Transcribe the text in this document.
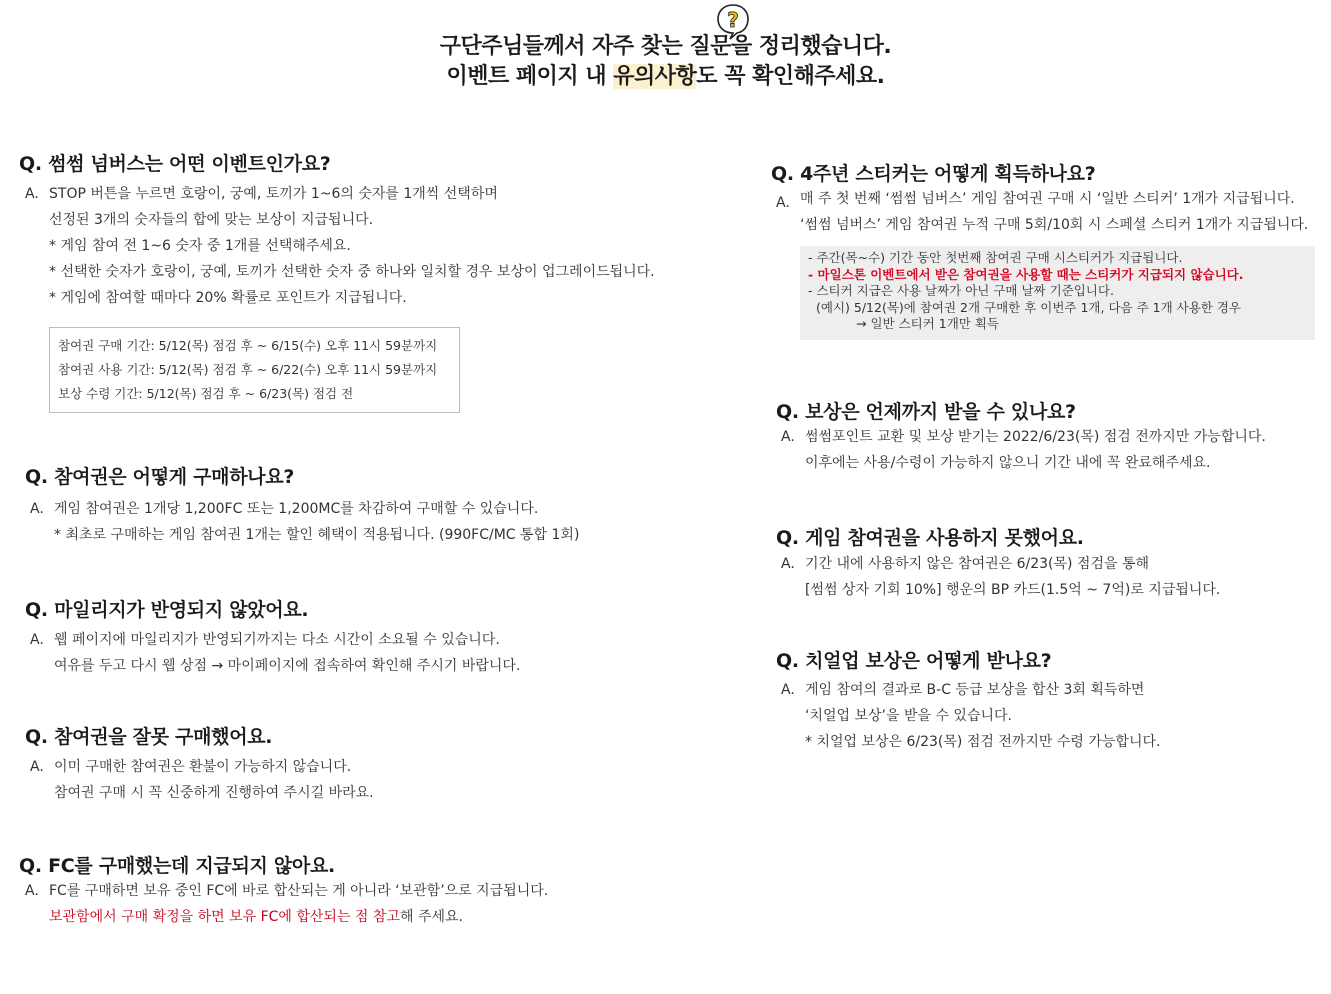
?
구단주님들께서 자주 찾는 질문을 정리했습니다.
이벤트 페이지 내 유의사항도 꼭 확인해주세요.
Q. 썸썸 넘버스는 어떤 이벤트인가요?
A. STOP 버튼을 누르면 호랑이, 궁예, 토끼가 1~6의 숫자를 1개씩 선택하며
선정된 3개의 숫자들의 합에 맞는 보상이 지급됩니다.
* 게임 참여 전 1~6 숫자 중 1개를 선택해주세요.
* 선택한 숫자가 호랑이, 궁예, 토끼가 선택한 숫자 중 하나와 일치할 경우 보상이 업그레이드됩니다.
* 게임에 참여할 때마다 20% 확률로 포인트가 지급됩니다.
참여권 구매 기간: 5/12(목) 점검 후 ~ 6/15(수) 오후 11시 59분까지
참여권 사용 기간: 5/12(목) 점검 후 ~ 6/22(수) 오후 11시 59분까지
보상 수령 기간: 5/12(목) 점검 후 ~ 6/23(목) 점검 전
Q. 참여권은 어떻게 구매하나요?
A. 게임 참여권은 1개당 1,200FC 또는 1,200MC를 차감하여 구매할 수 있습니다.
* 최초로 구매하는 게임 참여권 1개는 할인 혜택이 적용됩니다. (990FC/MC 통합 1회)
Q. 마일리지가 반영되지 않았어요.
A. 웹 페이지에 마일리지가 반영되기까지는 다소 시간이 소요될 수 있습니다.
여유를 두고 다시 웹 상점 → 마이페이지에 접속하여 확인해 주시기 바랍니다.
Q. 참여권을 잘못 구매했어요.
A. 이미 구매한 참여권은 환불이 가능하지 않습니다.
참여권 구매 시 꼭 신중하게 진행하여 주시길 바라요.
Q. FC를 구매했는데 지급되지 않아요.
A. FC를 구매하면 보유 중인 FC에 바로 합산되는 게 아니라 ‘보관함’으로 지급됩니다.
보관함에서 구매 확정을 하면 보유 FC에 합산되는 점 참고해 주세요.
Q. 4주년 스티커는 어떻게 획득하나요?
A. 매 주 첫 번째 ‘썸썸 넘버스’ 게임 참여권 구매 시 ‘일반 스티커’ 1개가 지급됩니다.
‘썸썸 넘버스’ 게임 참여권 누적 구매 5회/10회 시 스페셜 스티커 1개가 지급됩니다.
- 주간(목~수) 기간 동안 첫번째 참여권 구매 시스티커가 지급됩니다.
- 마일스톤 이벤트에서 받은 참여권을 사용할 때는 스티커가 지급되지 않습니다.
- 스티커 지급은 사용 날짜가 아닌 구매 날짜 기준입니다.
(예시) 5/12(목)에 참여권 2개 구매한 후 이번주 1개, 다음 주 1개 사용한 경우
→ 일반 스티커 1개만 획득
Q. 보상은 언제까지 받을 수 있나요?
A. 썸썸포인트 교환 및 보상 받기는 2022/6/23(목) 점검 전까지만 가능합니다.
이후에는 사용/수령이 가능하지 않으니 기간 내에 꼭 완료해주세요.
Q. 게임 참여권을 사용하지 못했어요.
A. 기간 내에 사용하지 않은 참여권은 6/23(목) 점검을 통해
[썸썸 상자 기회 10%] 행운의 BP 카드(1.5억 ~ 7억)로 지급됩니다.
Q. 치얼업 보상은 어떻게 받나요?
A. 게임 참여의 결과로 B-C 등급 보상을 합산 3회 획득하면
‘치얼업 보상’을 받을 수 있습니다.
* 치얼업 보상은 6/23(목) 점검 전까지만 수령 가능합니다.
